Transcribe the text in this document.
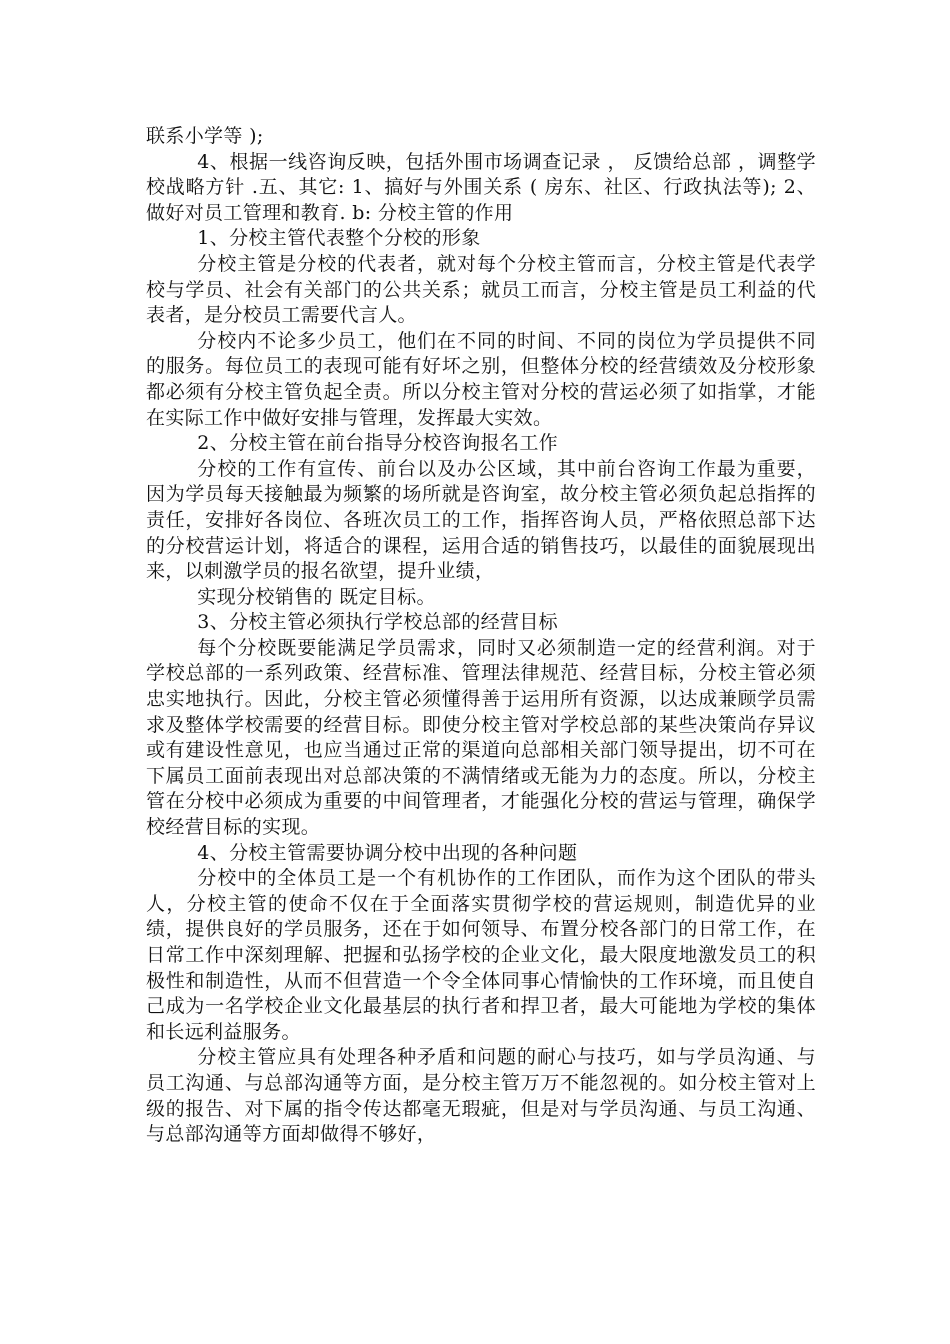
联系小学等 );

4、根据一线咨询反映，包括外围市场调查记录 ， 反馈给总部 ，调整学校战略方针 .五、其它: 1、搞好与外围关系 ( 房东、社区、行政执法等); 2、做好对员工管理和教育. b: 分校主管的作用

1、分校主管代表整个分校的形象

分校主管是分校的代表者，就对每个分校主管而言，分校主管是代表学校与学员、社会有关部门的公共关系；就员工而言，分校主管是员工利益的代表者，是分校员工需要代言人。

分校内不论多少员工，他们在不同的时间、不同的岗位为学员提供不同的服务。每位员工的表现可能有好坏之别，但整体分校的经营绩效及分校形象都必须有分校主管负起全责。所以分校主管对分校的营运必须了如指掌，才能在实际工作中做好安排与管理，发挥最大实效。

2、分校主管在前台指导分校咨询报名工作

分校的工作有宣传、前台以及办公区域，其中前台咨询工作最为重要，因为学员每天接触最为频繁的场所就是咨询室，故分校主管必须负起总指挥的责任，安排好各岗位、各班次员工的工作，指挥咨询人员，严格依照总部下达的分校营运计划，将适合的课程，运用合适的销售技巧，以最佳的面貌展现出来，以刺激学员的报名欲望，提升业绩，

实现分校销售的 既定目标。

3、分校主管必须执行学校总部的经营目标

每个分校既要能满足学员需求，同时又必须制造一定的经营利润。对于学校总部的一系列政策、经营标准、管理法律规范、经营目标，分校主管必须忠实地执行。因此，分校主管必须懂得善于运用所有资源，以达成兼顾学员需求及整体学校需要的经营目标。即使分校主管对学校总部的某些决策尚存异议或有建设性意见，也应当通过正常的渠道向总部相关部门领导提出，切不可在下属员工面前表现出对总部决策的不满情绪或无能为力的态度。所以，分校主管在分校中必须成为重要的中间管理者，才能强化分校的营运与管理，确保学校经营目标的实现。

4、分校主管需要协调分校中出现的各种问题

分校中的全体员工是一个有机协作的工作团队，而作为这个团队的带头人，分校主管的使命不仅在于全面落实贯彻学校的营运规则，制造优异的业绩，提供良好的学员服务，还在于如何领导、布置分校各部门的日常工作，在日常工作中深刻理解、把握和弘扬学校的企业文化，最大限度地激发员工的积极性和制造性，从而不但营造一个令全体同事心情愉快的工作环境，而且使自己成为一名学校企业文化最基层的执行者和捍卫者，最大可能地为学校的集体和长远利益服务。

分校主管应具有处理各种矛盾和问题的耐心与技巧，如与学员沟通、与员工沟通、与总部沟通等方面，是分校主管万万不能忽视的。如分校主管对上级的报告、对下属的指令传达都毫无瑕疵，但是对与学员沟通、与员工沟通、与总部沟通等方面却做得不够好，
